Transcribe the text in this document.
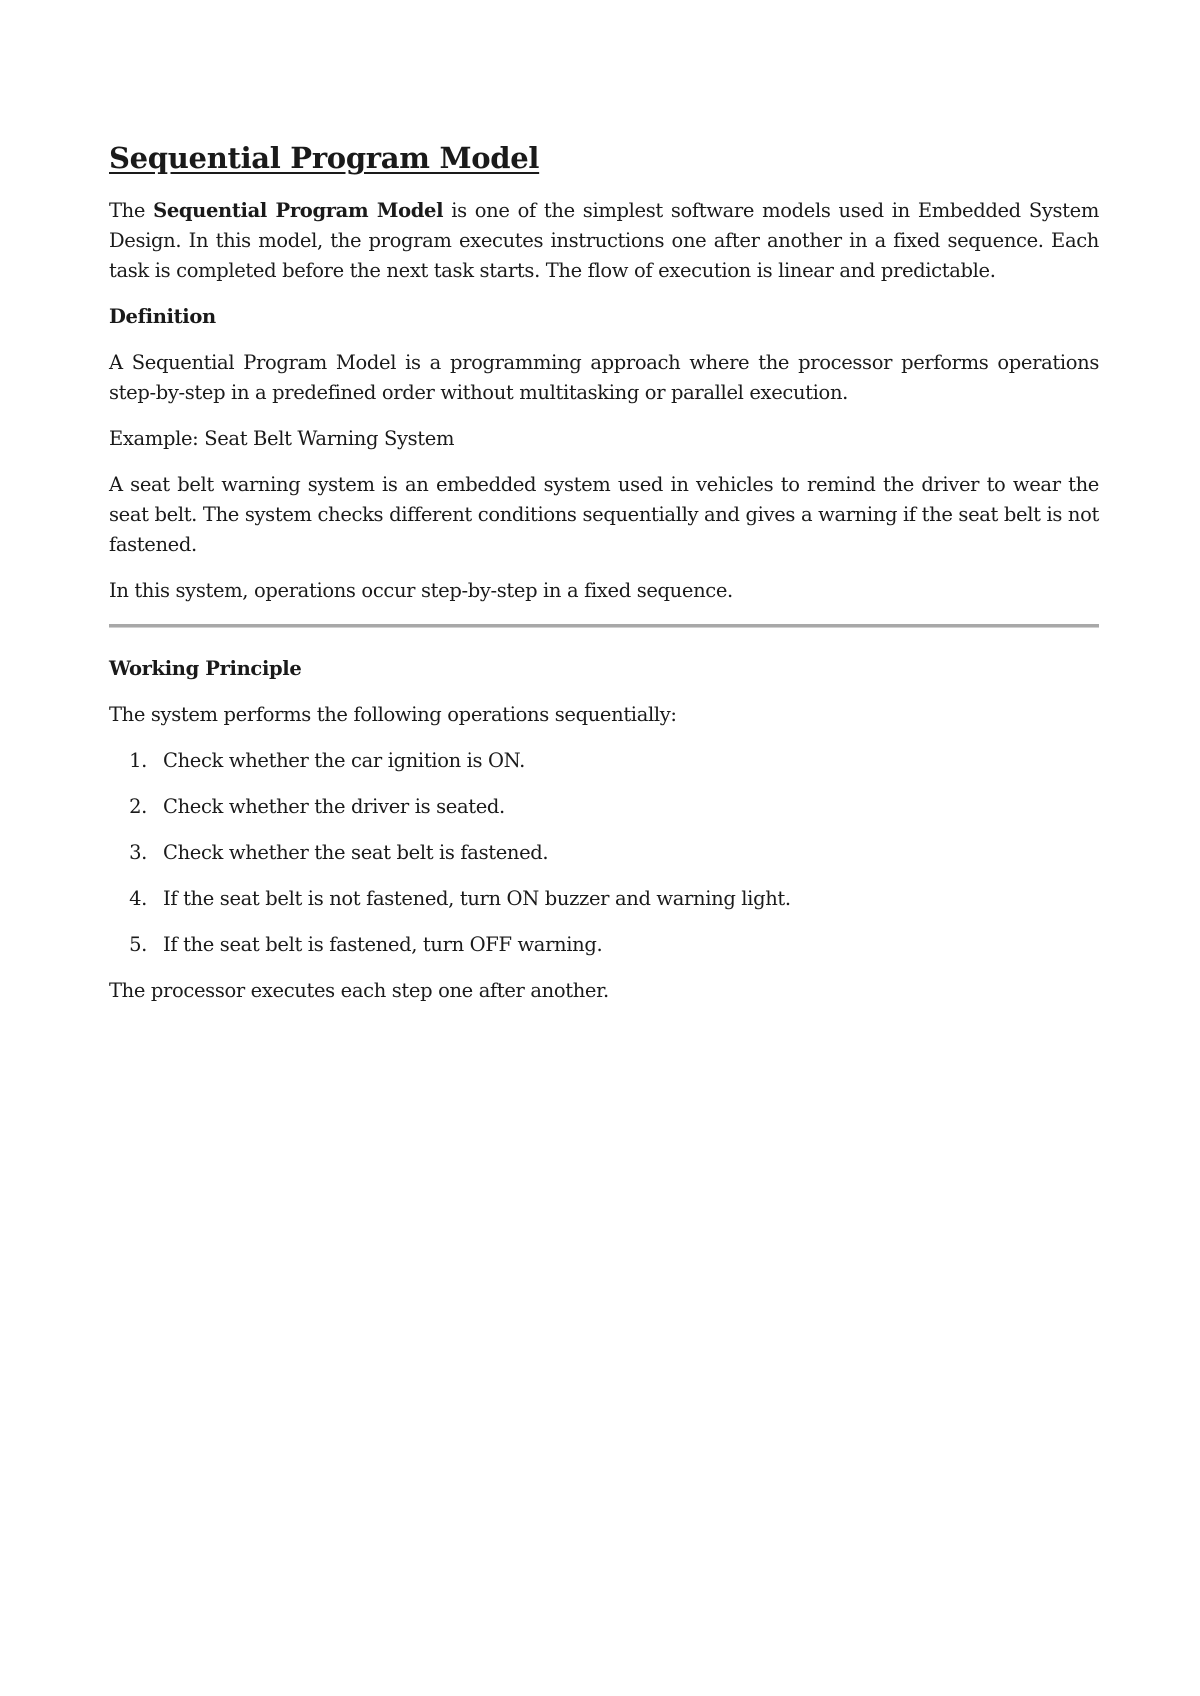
Sequential Program Model

The Sequential Program Model is one of the simplest software models used in Embedded System Design. In this model, the program executes instructions one after another in a fixed sequence. Each task is completed before the next task starts. The flow of execution is linear and predictable.

Definition

A Sequential Program Model is a programming approach where the processor performs operations step-by-step in a predefined order without multitasking or parallel execution.

Example: Seat Belt Warning System

A seat belt warning system is an embedded system used in vehicles to remind the driver to wear the seat belt. The system checks different conditions sequentially and gives a warning if the seat belt is not fastened.

In this system, operations occur step-by-step in a fixed sequence.

Working Principle

The system performs the following operations sequentially:

1. Check whether the car ignition is ON.
2. Check whether the driver is seated.
3. Check whether the seat belt is fastened.
4. If the seat belt is not fastened, turn ON buzzer and warning light.
5. If the seat belt is fastened, turn OFF warning.

The processor executes each step one after another.
